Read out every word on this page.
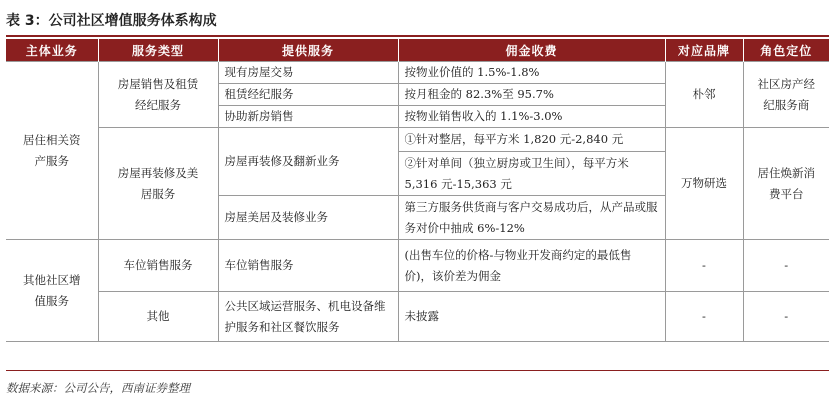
表 3：公司社区增值服务体系构成
主体业务	服务类型	提供服务	佣金收费	对应品牌	角色定位
居住相关资产服务	房屋销售及租赁经纪服务	现有房屋交易	按物业价值的 1.5%-1.8%	朴邻	社区房产经纪服务商
		租赁经纪服务	按月租金的 82.3%至 95.7%		
		协助新房销售	按物业销售收入的 1.1%-3.0%		
	房屋再装修及美居服务	房屋再装修及翻新业务	①针对整居，每平方米 1,820 元-2,840 元	万物研选	居住焕新消费平台
			②针对单间（独立厨房或卫生间），每平方米 5,316 元-15,363 元		
		房屋美居及装修业务	第三方服务供货商与客户交易成功后，从产品或服务对价中抽成 6%-12%		
其他社区增值服务	车位销售服务	车位销售服务	(出售车位的价格-与物业开发商约定的最低售价)，该价差为佣金	-	-
	其他	公共区域运营服务、机电设备维护服务和社区餐饮服务	未披露	-	-
数据来源：公司公告，西南证券整理
